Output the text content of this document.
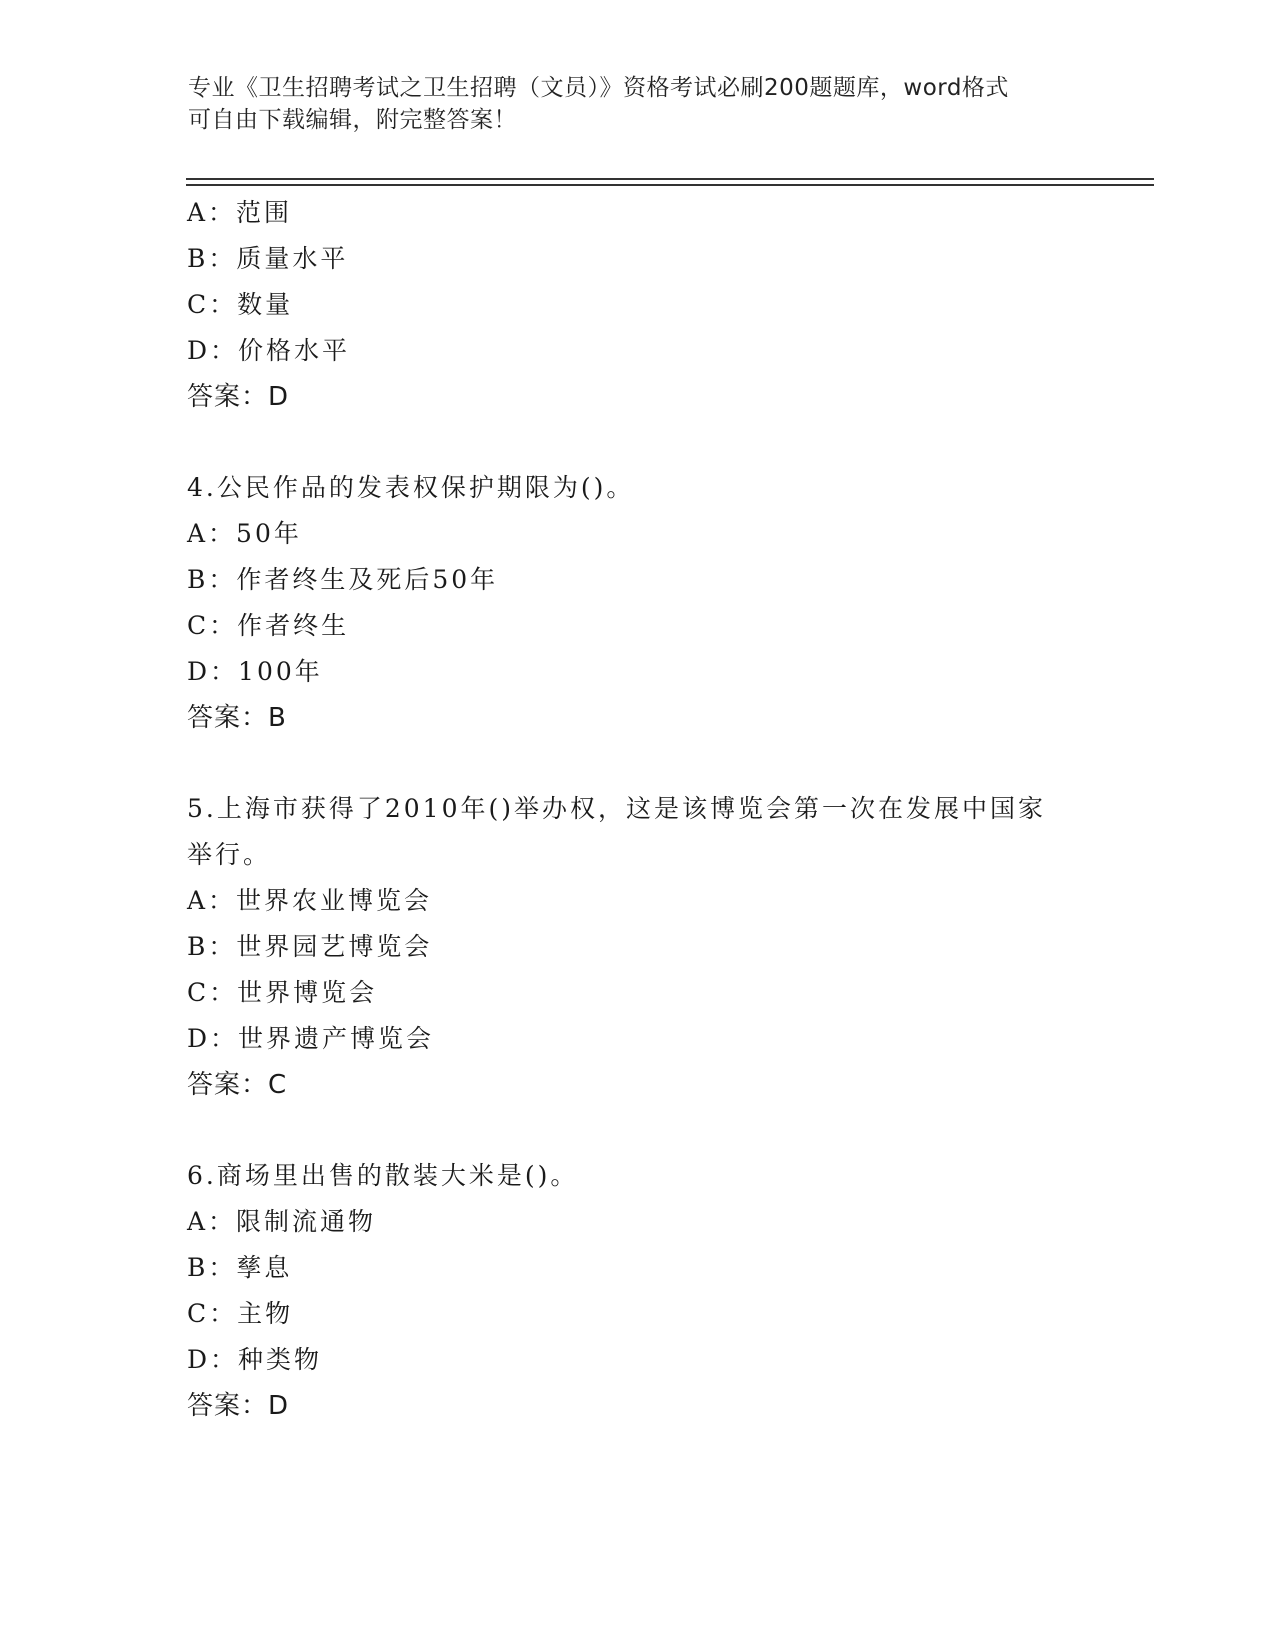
专业《卫生招聘考试之卫生招聘（文员）》资格考试必刷200题题库，word格式
可自由下载编辑，附完整答案！
A：范围
B：质量水平
C：数量
D：价格水平
答案：D
4.公民作品的发表权保护期限为()。
A：50年
B：作者终生及死后50年
C：作者终生
D：100年
答案：B
5.上海市获得了2010年()举办权，这是该博览会第一次在发展中国家
举行。
A：世界农业博览会
B：世界园艺博览会
C：世界博览会
D：世界遗产博览会
答案：C
6.商场里出售的散装大米是()。
A：限制流通物
B：孳息
C：主物
D：种类物
答案：D
